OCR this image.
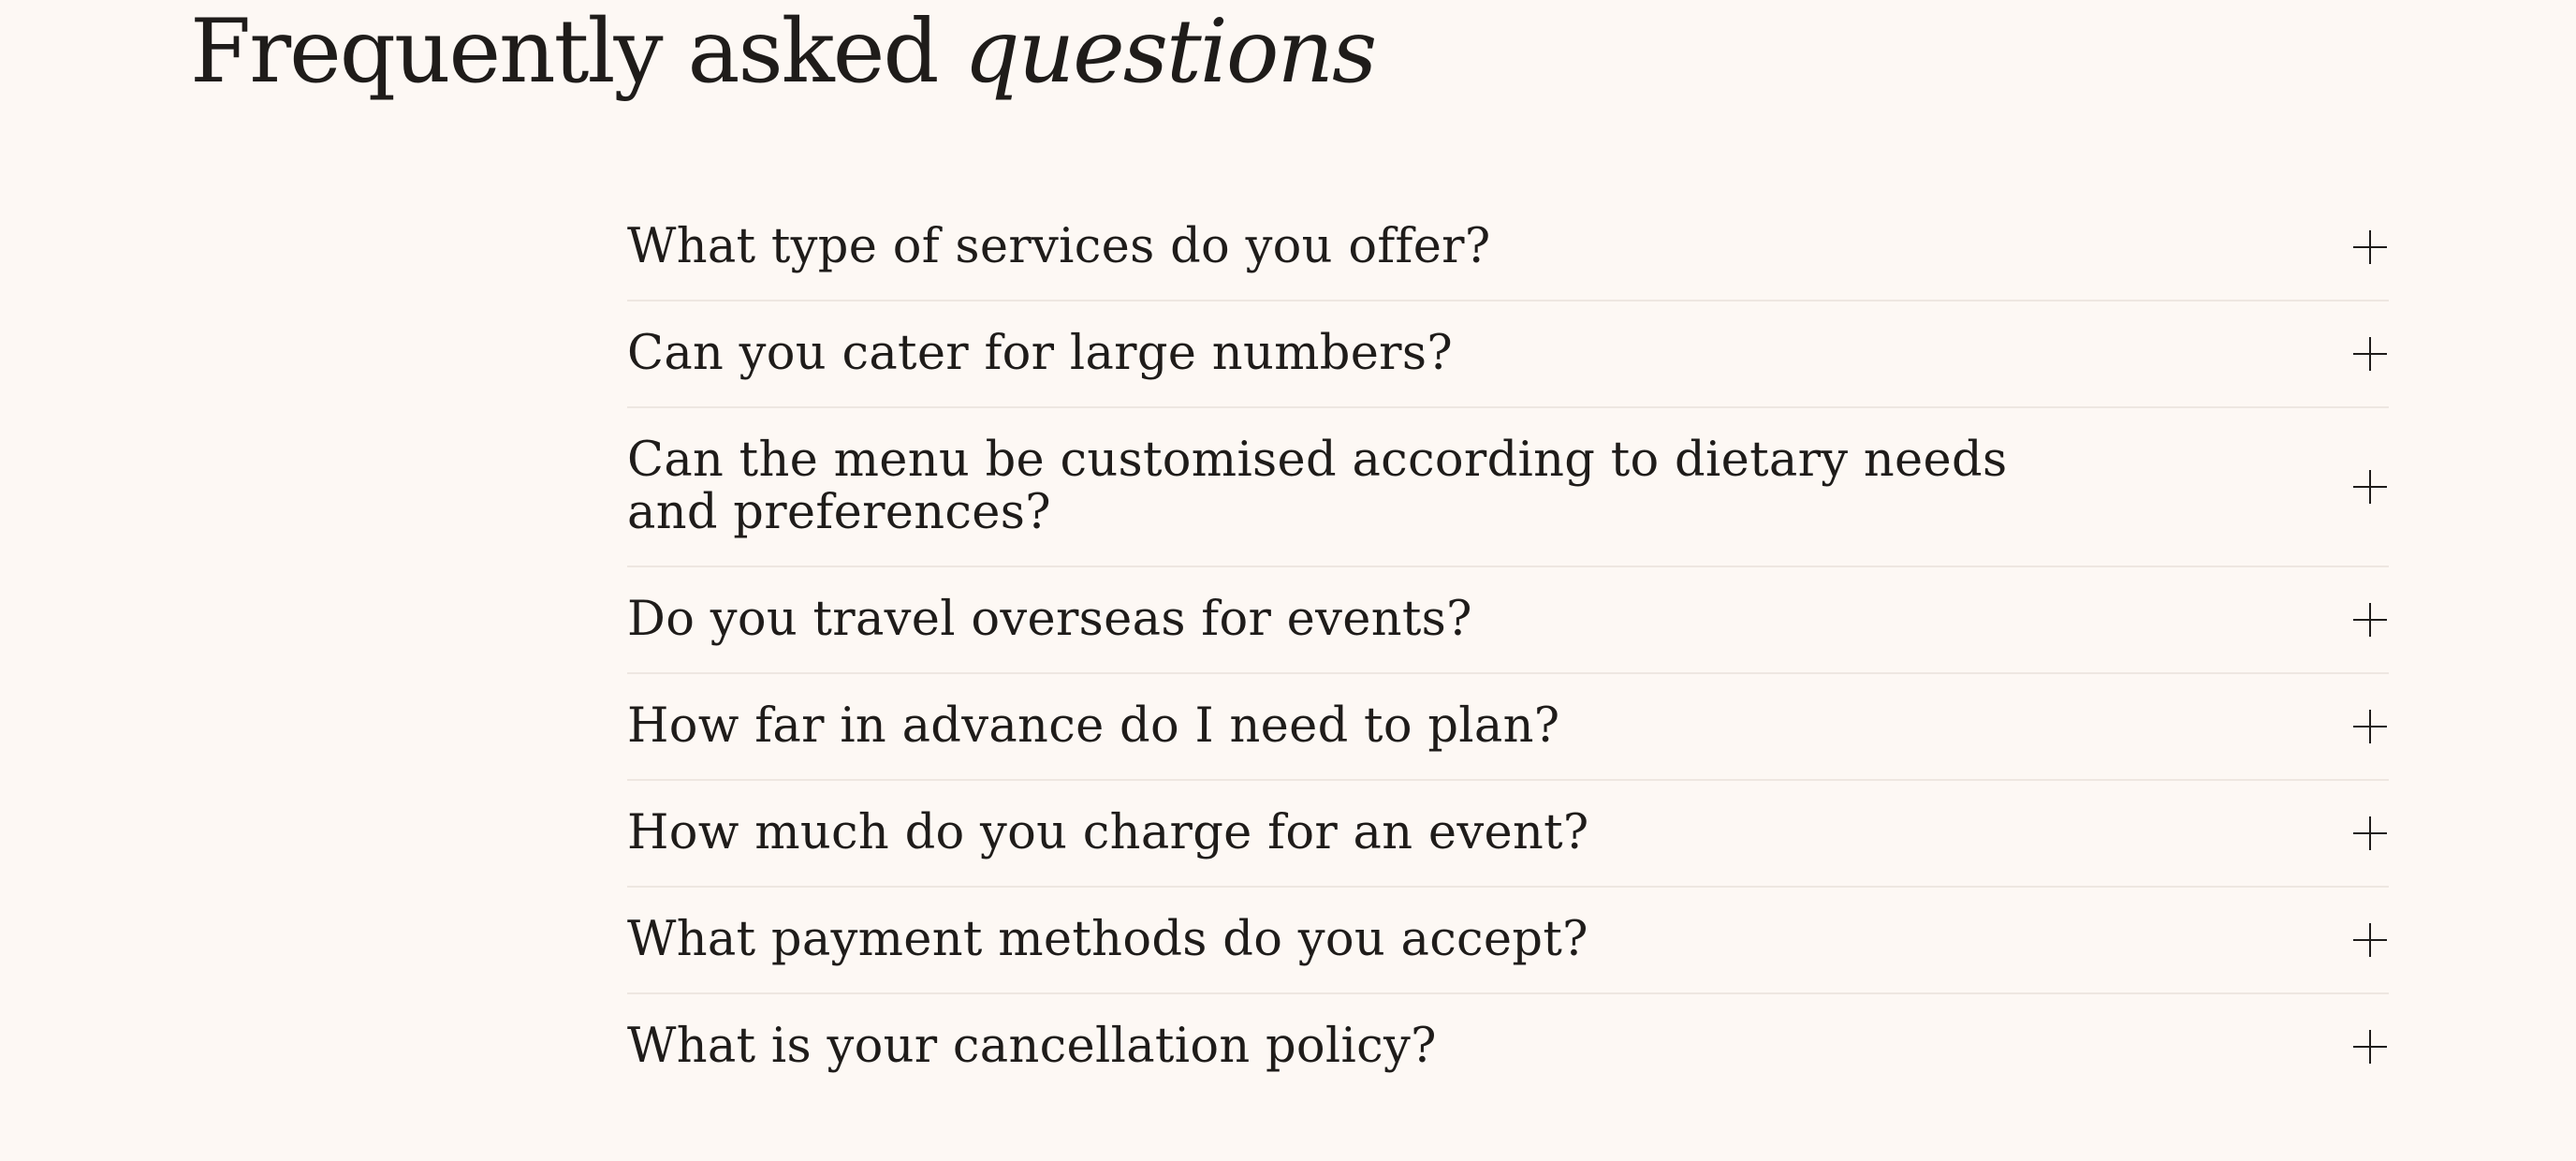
Frequently asked questions
What type of services do you offer?
Can you cater for large numbers?
Can the menu be customised according to dietary needs and preferences?
Do you travel overseas for events?
How far in advance do I need to plan?
How much do you charge for an event?
What payment methods do you accept?
What is your cancellation policy?
